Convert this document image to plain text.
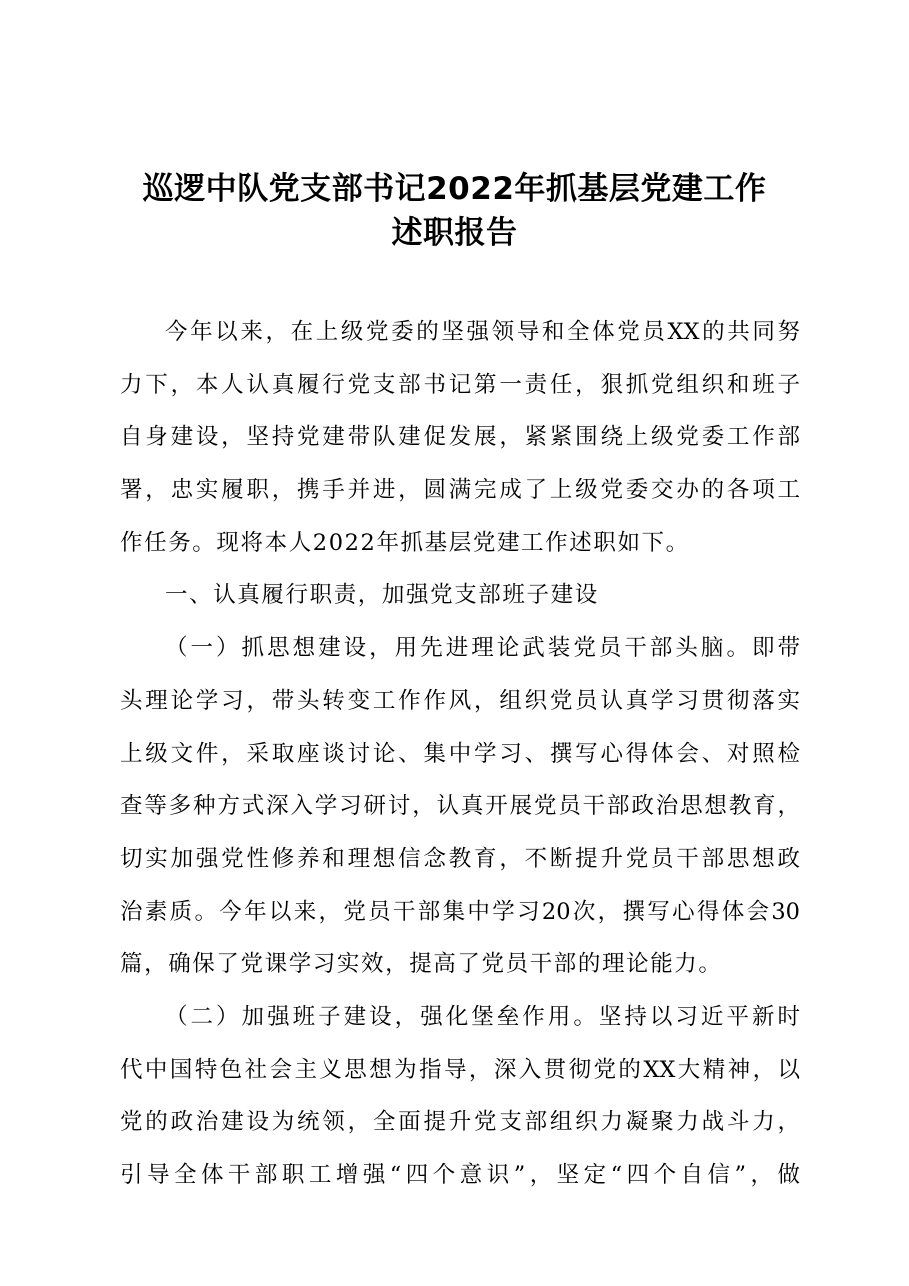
巡逻中队党支部书记2022年抓基层党建工作
述职报告

今年以来，在上级党委的坚强领导和全体党员XX的共同努

力下，本人认真履行党支部书记第一责任，狠抓党组织和班子

自身建设，坚持党建带队建促发展，紧紧围绕上级党委工作部

署，忠实履职，携手并进，圆满完成了上级党委交办的各项工

作任务。现将本人2022年抓基层党建工作述职如下。

一、认真履行职责，加强党支部班子建设

（一）抓思想建设，用先进理论武装党员干部头脑。即带

头理论学习，带头转变工作作风，组织党员认真学习贯彻落实

上级文件，采取座谈讨论、集中学习、撰写心得体会、对照检

查等多种方式深入学习研讨，认真开展党员干部政治思想教育，

切实加强党性修养和理想信念教育，不断提升党员干部思想政

治素质。今年以来，党员干部集中学习20次，撰写心得体会30

篇，确保了党课学习实效，提高了党员干部的理论能力。

（二）加强班子建设，强化堡垒作用。坚持以习近平新时

代中国特色社会主义思想为指导，深入贯彻党的XX大精神，以

党的政治建设为统领，全面提升党支部组织力凝聚力战斗力，

引导全体干部职工增强“四个意识”，坚定“四个自信”，做
